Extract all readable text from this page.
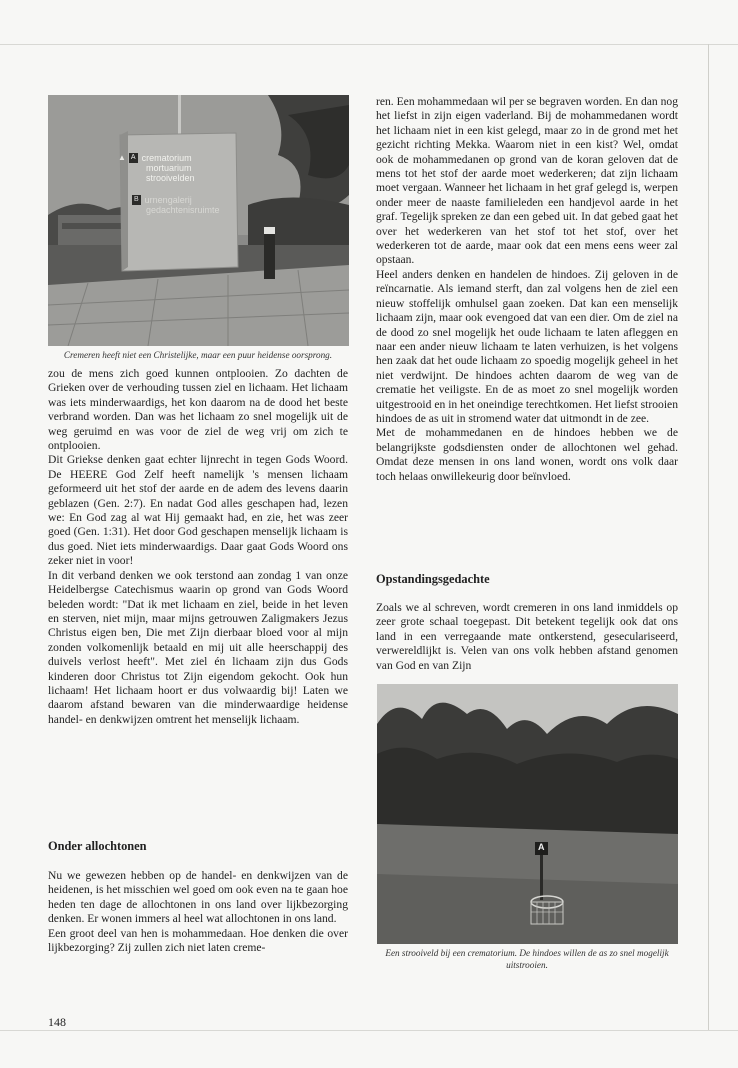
▲ A crematorium
mortuarium
strooivelden
B urnengalerij
gedachtenisruimte
Cremeren heeft niet een Christelijke, maar een puur heidense oorsprong.

zou de mens zich goed kunnen ontplooien. Zo dachten de Grieken over de verhouding tussen ziel en lichaam. Het lichaam was iets minderwaardigs, het kon daarom na de dood het beste verbrand worden. Dan was het lichaam zo snel mogelijk uit de weg geruimd en was voor de ziel de weg vrij om zich te ontplooien.

Dit Griekse denken gaat echter lijnrecht in tegen Gods Woord. De HEERE God Zelf heeft namelijk 's mensen lichaam geformeerd uit het stof der aarde en de adem des levens daarin geblazen (Gen. 2:7). En nadat God alles geschapen had, lezen we: En God zag al wat Hij gemaakt had, en zie, het was zeer goed (Gen. 1:31). Het door God geschapen menselijk lichaam is dus goed. Niet iets minderwaardigs. Daar gaat Gods Woord ons zeker niet in voor!

In dit verband denken we ook terstond aan zondag 1 van onze Heidelbergse Catechismus waarin op grond van Gods Woord beleden wordt: "Dat ik met lichaam en ziel, beide in het leven en sterven, niet mijn, maar mijns getrouwen Zaligmakers Jezus Christus eigen ben, Die met Zijn dierbaar bloed voor al mijn zonden volkomenlijk betaald en mij uit alle heerschappij des duivels verlost heeft". Met ziel én lichaam zijn dus Gods kinderen door Christus tot Zijn eigendom gekocht. Ook hun lichaam! Het lichaam hoort er dus volwaardig bij! Laten we daarom afstand bewaren van die minderwaardige heidense handel- en denkwijzen omtrent het menselijk lichaam.

Onder allochtonen

Nu we gewezen hebben op de handel- en denkwijzen van de heidenen, is het misschien wel goed om ook even na te gaan hoe heden ten dage de allochtonen in ons land over lijkbezorging denken. Er wonen immers al heel wat allochtonen in ons land.

Een groot deel van hen is mohammedaan. Hoe denken die over lijkbezorging? Zij zullen zich niet laten creme-

ren. Een mohammedaan wil per se begraven worden. En dan nog het liefst in zijn eigen vaderland. Bij de mohammedanen wordt het lichaam niet in een kist gelegd, maar zo in de grond met het gezicht richting Mekka. Waarom niet in een kist? Wel, omdat ook de mohammedanen op grond van de koran geloven dat de mens tot het stof der aarde moet wederkeren; dat zijn lichaam moet vergaan. Wanneer het lichaam in het graf gelegd is, werpen onder meer de naaste familieleden een handjevol aarde in het graf. Tegelijk spreken ze dan een gebed uit. In dat gebed gaat het over het wederkeren van het stof tot het stof, over het wederkeren tot de aarde, maar ook dat een mens eens weer zal opstaan.

Heel anders denken en handelen de hindoes. Zij geloven in de reïncarnatie. Als iemand sterft, dan zal volgens hen de ziel een nieuw stoffelijk omhulsel gaan zoeken. Dat kan een menselijk lichaam zijn, maar ook evengoed dat van een dier. Om de ziel na de dood zo snel mogelijk het oude lichaam te laten afleggen en naar een ander nieuw lichaam te laten verhuizen, is het volgens hen zaak dat het oude lichaam zo spoedig mogelijk geheel in het niet verdwijnt. De hindoes achten daarom de weg van de crematie het veiligste. En de as moet zo snel mogelijk worden uitgestrooid en in het oneindige terechtkomen. Het liefst strooien hindoes de as uit in stromend water dat uitmondt in de zee.

Met de mohammedanen en de hindoes hebben we de belangrijkste godsdiensten onder de allochtonen wel gehad. Omdat deze mensen in ons land wonen, wordt ons volk daar toch helaas onwillekeurig door beïnvloed.

Opstandingsgedachte

Zoals we al schreven, wordt cremeren in ons land inmiddels op zeer grote schaal toegepast. Dit betekent tegelijk ook dat ons land in een verregaande mate ontkerstend, geseculariseerd, verwereldlijkt is. Velen van ons volk hebben afstand genomen van God en van Zijn

A
Een strooiveld bij een crematorium. De hindoes willen de as zo snel mogelijk uitstrooien.
148
